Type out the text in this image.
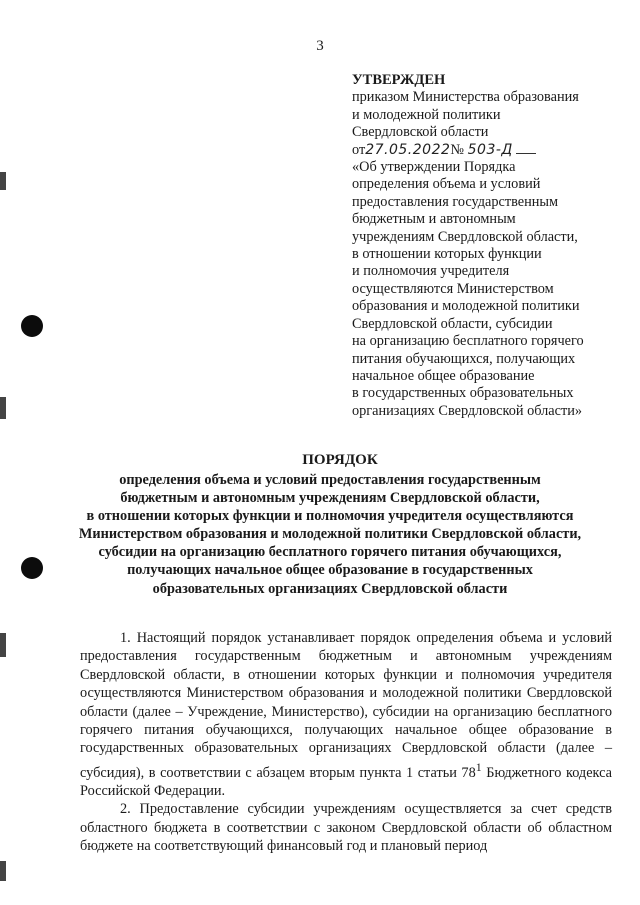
3
УТВЕРЖДЕН
приказом Министерства образования
и молодежной политики
Свердловской области
от27.05.2022№ 503-Д
«Об утверждении Порядка
определения объема и условий
предоставления государственным
бюджетным и автономным
учреждениям Свердловской области,
в отношении которых функции
и полномочия учредителя
осуществляются Министерством
образования и молодежной политики
Свердловской области, субсидии
на организацию бесплатного горячего
питания обучающихся, получающих
начальное общее образование
в государственных образовательных
организациях Свердловской области»
ПОРЯДОК
определения объема и условий предоставления государственным
бюджетным и автономным учреждениям Свердловской области,
в отношении которых функции и полномочия учредителя осуществляются
Министерством образования и молодежной политики Свердловской области,
субсидии на организацию бесплатного горячего питания обучающихся,
получающих начальное общее образование в государственных
образовательных организациях Свердловской области

1. Настоящий порядок устанавливает порядок определения объема и условий предоставления государственным бюджетным и автономным учреждениям Свердловской области, в отношении которых функции и полномочия учредителя осуществляются Министерством образования и молодежной политики Свердловской области (далее – Учреждение, Министерство), субсидии на организацию бесплатного горячего питания обучающихся, получающих начальное общее образование в государственных образовательных организациях Свердловской области (далее – субсидия), в соответствии с абзацем вторым пункта 1 статьи $78^1$ Бюджетного кодекса Российской Федерации.

2. Предоставление субсидии учреждениям осуществляется за счет средств областного бюджета в соответствии с законом Свердловской области об областном бюджете на соответствующий финансовый год и плановый период
